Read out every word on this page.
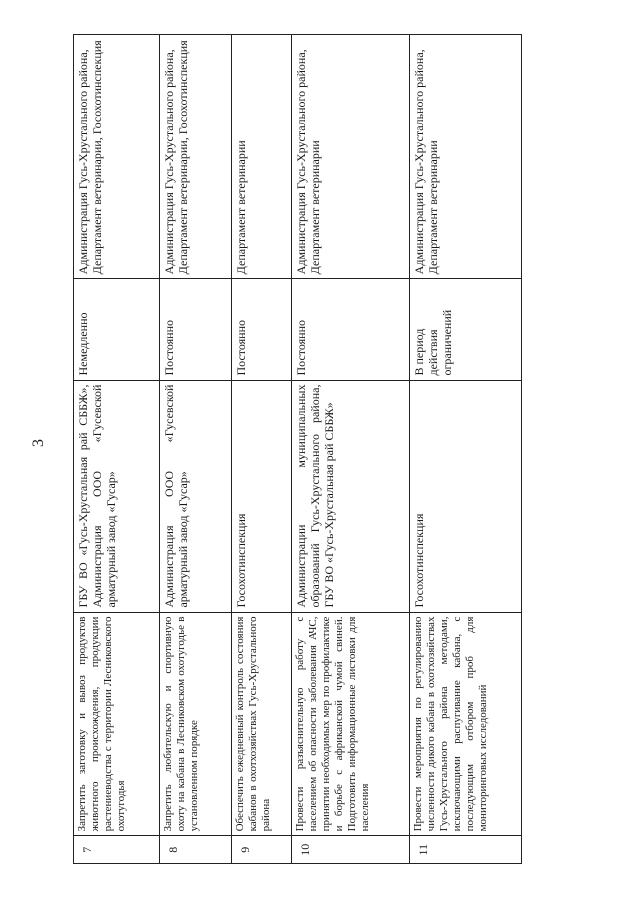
3
7	Запретить заготовку и вывоз продуктов животного происхождения, продукции растениеводства с территории Лесниковского охотугодья	ГБУ ВО «Гусь-Хрустальная рай СББЖ», Администрация ООО «Гусевской арматурный завод «Гусар»	Немедленно	Администрация Гусь-Хрустального района, Департамент ветеринарии, Госохотинспекция
8	Запретить любительскую и спортивную охоту на кабана в Лесниковском охотугодье в установленном порядке	Администрация ООО «Гусевской арматурный завод «Гусар»	Постоянно	Администрация Гусь-Хрустального района, Департамент ветеринарии, Госохотинспекция
9	Обеспечить ежедневный контроль состояния кабанов в охотхозяйствах Гусь-Хрустального района	Госохотинспекция	Постоянно	Департамент ветеринарии
10	Провести разъяснительную работу с населением об опасности заболевания АЧС, принятии необходимых мер по профилактике и борьбе с африканской чумой свиней. Подготовить информационные листовки для населения	Администрации муниципальных образований Гусь-Хрустального района, ГБУ ВО «Гусь-Хрустальная рай СББЖ»	Постоянно	Администрация Гусь-Хрустального района, Департамент ветеринарии
11	Провести мероприятия по регулированию численности дикого кабана в охотхозяйствах Гусь-Хрустального района методами, исключающими распугивание кабана, с последующим отбором проб для мониторинговых исследований	Госохотинспекция	В период действия ограничений	Администрация Гусь-Хрустального района, Департамент ветеринарии
